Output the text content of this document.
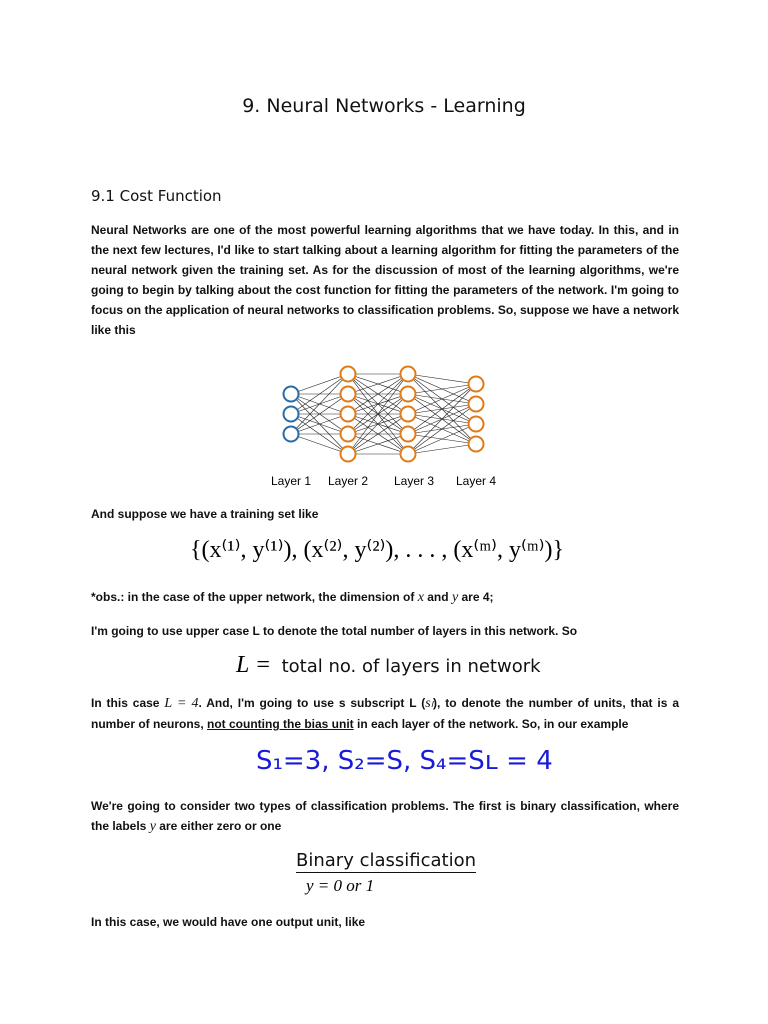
9. Neural Networks - Learning
9.1 Cost Function
Neural Networks are one of the most powerful learning algorithms that we have today. In this, and in the next few lectures, I'd like to start talking about a learning algorithm for fitting the parameters of the neural network given the training set. As for the discussion of most of the learning algorithms, we're going to begin by talking about the cost function for fitting the parameters of the network. I'm going to focus on the application of neural networks to classification problems. So, suppose we have a network like this
Layer 1 Layer 2 Layer 3 Layer 4
And suppose we have a training set like
{(x⁽¹⁾, y⁽¹⁾), (x⁽²⁾, y⁽²⁾), . . . , (x⁽ᵐ⁾, y⁽ᵐ⁾)}
*obs.: in the case of the upper network, the dimension of x and y are 4;
I'm going to use upper case L to denote the total number of layers in this network. So
L = total no. of layers in network
In this case L = 4. And, I'm going to use s subscript L (sₗ), to denote the number of units, that is a number of neurons, not counting the bias unit in each layer of the network. So, in our example
S₁=3, S₂=S, S₄=Sʟ = 4
We're going to consider two types of classification problems. The first is binary classification, where the labels y are either zero or one
Binary classification
y = 0 or 1
In this case, we would have one output unit, like
